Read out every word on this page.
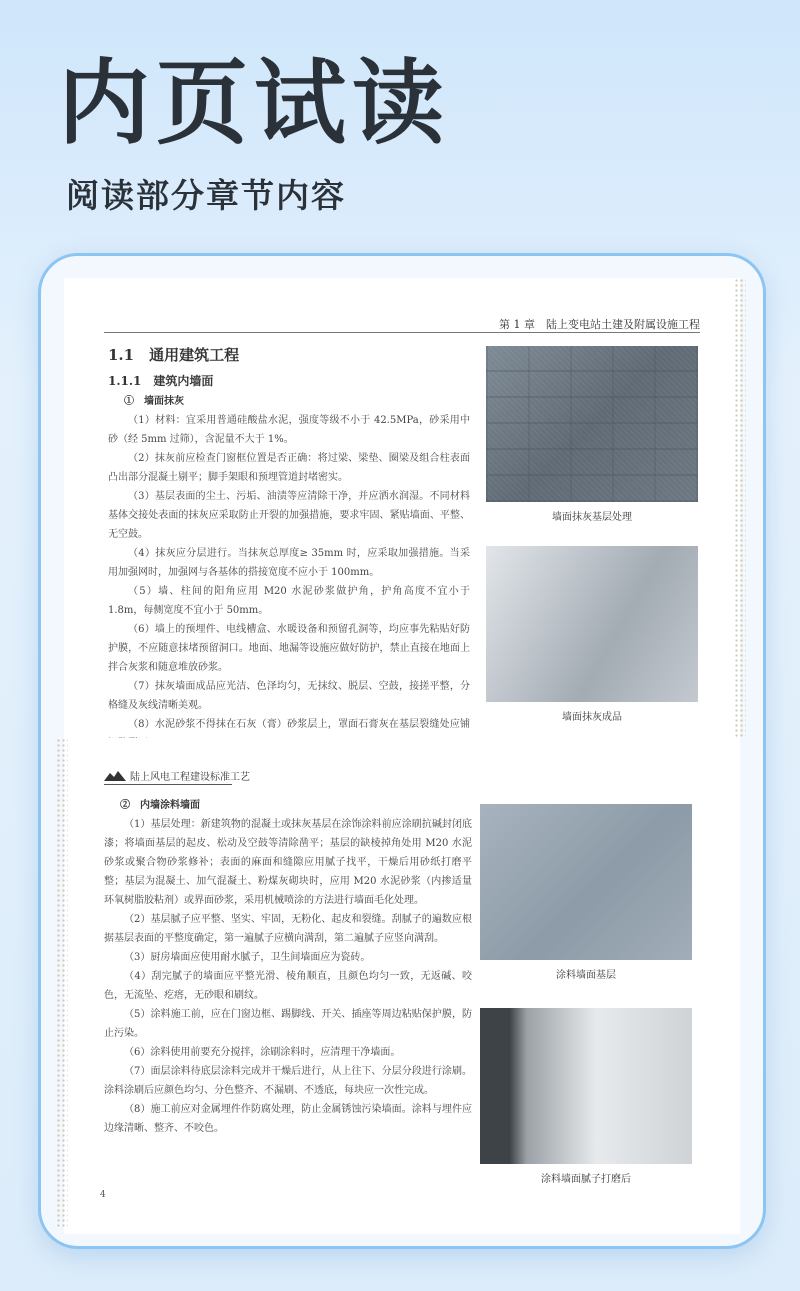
内页试读
阅读部分章节内容
第 1 章　陆上变电站土建及附属设施工程
1.1　通用建筑工程
1.1.1　建筑内墙面

①　墙面抹灰

（1）材料：宜采用普通硅酸盐水泥，强度等级不小于 42.5MPa，砂采用中砂（经 5mm 过筛），含泥量不大于 1%。

（2）抹灰前应检查门窗框位置是否正确：将过梁、梁垫、圈梁及组合柱表面凸出部分混凝土剔平；脚手架眼和预埋管道封堵密实。

（3）基层表面的尘土、污垢、油渍等应清除干净，并应洒水润湿。不同材料基体交接处表面的抹灰应采取防止开裂的加强措施，要求牢固、紧贴墙面、平整、无空鼓。

（4）抹灰应分层进行。当抹灰总厚度≥ 35mm 时，应采取加强措施。当采用加强网时，加强网与各基体的搭接宽度不应小于 100mm。

（5）墙、柱间的阳角应用 M20 水泥砂浆做护角，护角高度不宜小于 1.8m，每侧宽度不宜小于 50mm。

（6）墙上的预埋件、电线槽盒、水暖设备和预留孔洞等，均应事先粘贴好防护膜，不应随意抹堵预留洞口。地面、地漏等设施应做好防护，禁止直接在地面上拌合灰浆和随意堆放砂浆。

（7）抹灰墙面成品应光洁、色泽均匀，无抹纹、脱层、空鼓，接搓平整，分格缝及灰线清晰美观。

（8）水泥砂浆不得抹在石灰（膏）砂浆层上，罩面石膏灰在基层裂缝处应铺

墙面抹灰基层处理
墙面抹灰成品
陆上风电工程建设标准工艺

②　内墙涂料墙面

（1）基层处理：新建筑物的混凝土或抹灰基层在涂饰涂料前应涂刷抗碱封闭底漆；将墙面基层的起皮、松动及空鼓等清除凿平；基层的缺棱掉角处用 M20 水泥砂浆或聚合物砂浆修补；表面的麻面和缝隙应用腻子找平，干燥后用砂纸打磨平整；基层为混凝土、加气混凝土、粉煤灰砌块时，应用 M20 水泥砂浆（内掺适量环氧树脂胶粘剂）或界面砂浆，采用机械喷涂的方法进行墙面毛化处理。

（2）基层腻子应平整、坚实、牢固，无粉化、起皮和裂缝。刮腻子的遍数应根据基层表面的平整度确定，第一遍腻子应横向满刮，第二遍腻子应竖向满刮。

（3）厨房墙面应使用耐水腻子，卫生间墙面应为瓷砖。

（4）刮完腻子的墙面应平整光滑、棱角顺直，且颜色均匀一致，无返碱、咬色，无流坠、疙瘩，无砂眼和刷纹。

（5）涂料施工前，应在门窗边框、踢脚线、开关、插座等周边粘贴保护膜，防止污染。

（6）涂料使用前要充分搅拌，涂刷涂料时，应清理干净墙面。

（7）面层涂料待底层涂料完成并干燥后进行，从上往下、分层分段进行涂刷。涂料涂刷后应颜色均匀、分色整齐、不漏刷、不透底，每块应一次性完成。

（8）施工前应对金属埋件作防腐处理，防止金属锈蚀污染墙面。涂料与埋件应边缘清晰、整齐、不咬色。

涂料墙面基层
涂料墙面腻子打磨后
4
